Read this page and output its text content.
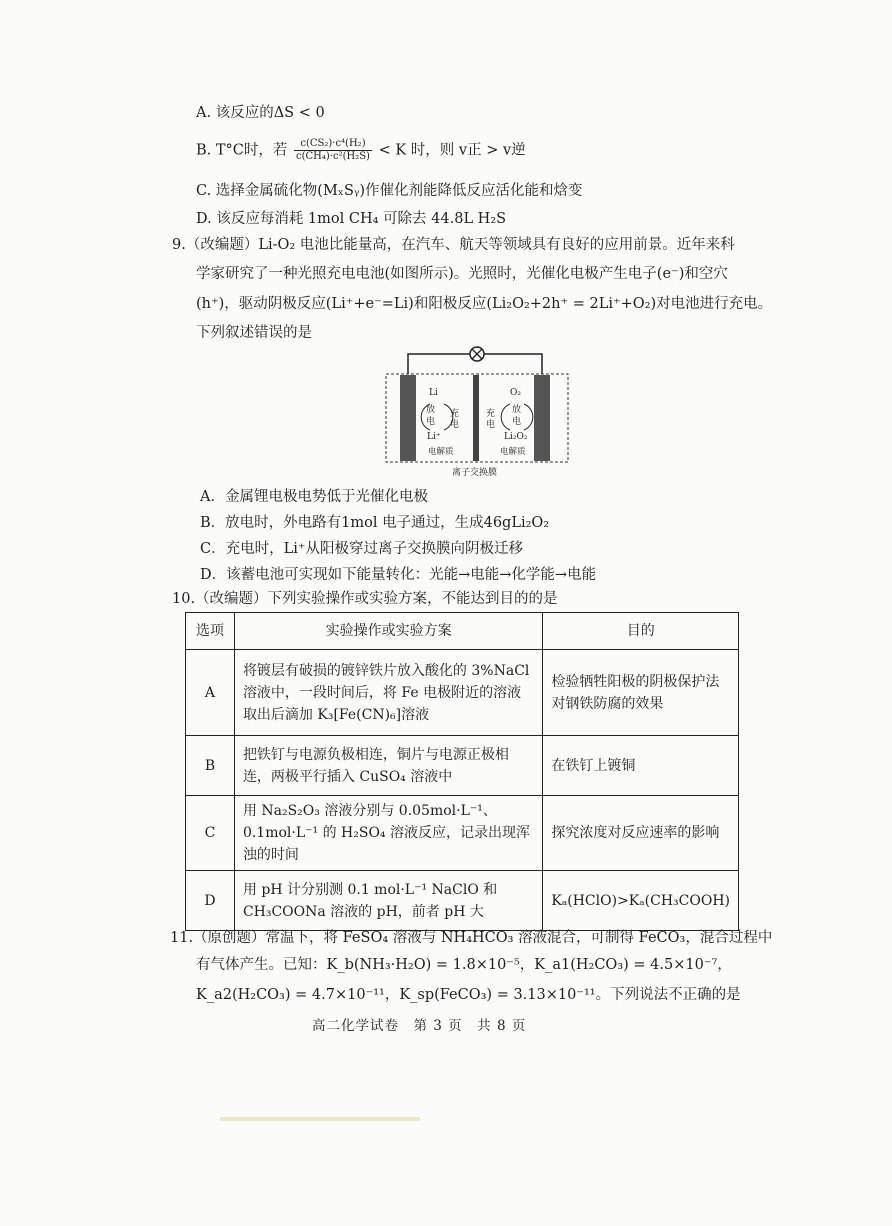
A. 该反应的ΔS < 0
B. T°C时，若 $\frac{\text{c(CS₂)·c⁴(H₂)}}{\text{c(CH₄)·c²(H₂S)}} < K$ 时，则 v正 > v逆
C. 选择金属硫化物(MₓSᵧ)作催化剂能降低反应活化能和焓变
D. 该反应每消耗 1mol CH₄ 可除去 44.8L H₂S
9.（改编题）Li-O₂ 电池比能量高，在汽车、航天等领域具有良好的应用前景。近年来科
学家研究了一种光照充电电池(如图所示)。光照时，光催化电极产生电子(e⁻)和空穴
(h⁺)，驱动阴极反应(Li⁺+e⁻=Li)和阳极反应(Li₂O₂+2h⁺ = 2Li⁺+O₂)对电池进行充电。
下列叙述错误的是
Li
放
电
充
电
Li⁺
电解质
O₂
充
电
放
电
Li₂O₂
电解质
离子交换膜
A．金属锂电极电势低于光催化电极
B．放电时，外电路有1mol 电子通过，生成46gLi₂O₂
C．充电时，Li⁺从阳极穿过离子交换膜向阴极迁移
D．该蓄电池可实现如下能量转化：光能→电能→化学能→电能
10.（改编题）下列实验操作或实验方案，不能达到目的的是
选项	实验操作或实验方案	目的
A	将镀层有破损的镀锌铁片放入酸化的 3%NaCl 溶液中，一段时间后，将 Fe 电极附近的溶液取出后滴加 K₃[Fe(CN)₆]溶液	检验牺牲阳极的阴极保护法对钢铁防腐的效果
B	把铁钉与电源负极相连，铜片与电源正极相连，两极平行插入 CuSO₄ 溶液中	在铁钉上镀铜
C	用 Na₂S₂O₃ 溶液分别与 0.05mol·L⁻¹、0.1mol·L⁻¹ 的 H₂SO₄ 溶液反应，记录出现浑浊的时间	探究浓度对反应速率的影响
D	用 pH 计分别测 0.1 mol·L⁻¹ NaClO 和 CH₃COONa 溶液的 pH，前者 pH 大	Kₐ(HClO)>Kₐ(CH₃COOH)
11.（原创题）常温下，将 FeSO₄ 溶液与 NH₄HCO₃ 溶液混合，可制得 FeCO₃，混合过程中
有气体产生。已知：K_b(NH₃·H₂O) = 1.8×10⁻⁵，K_a1(H₂CO₃) = 4.5×10⁻⁷，
K_a2(H₂CO₃) = 4.7×10⁻¹¹，K_sp(FeCO₃) = 3.13×10⁻¹¹。下列说法不正确的是
高二化学试卷　第 3 页　共 8 页
